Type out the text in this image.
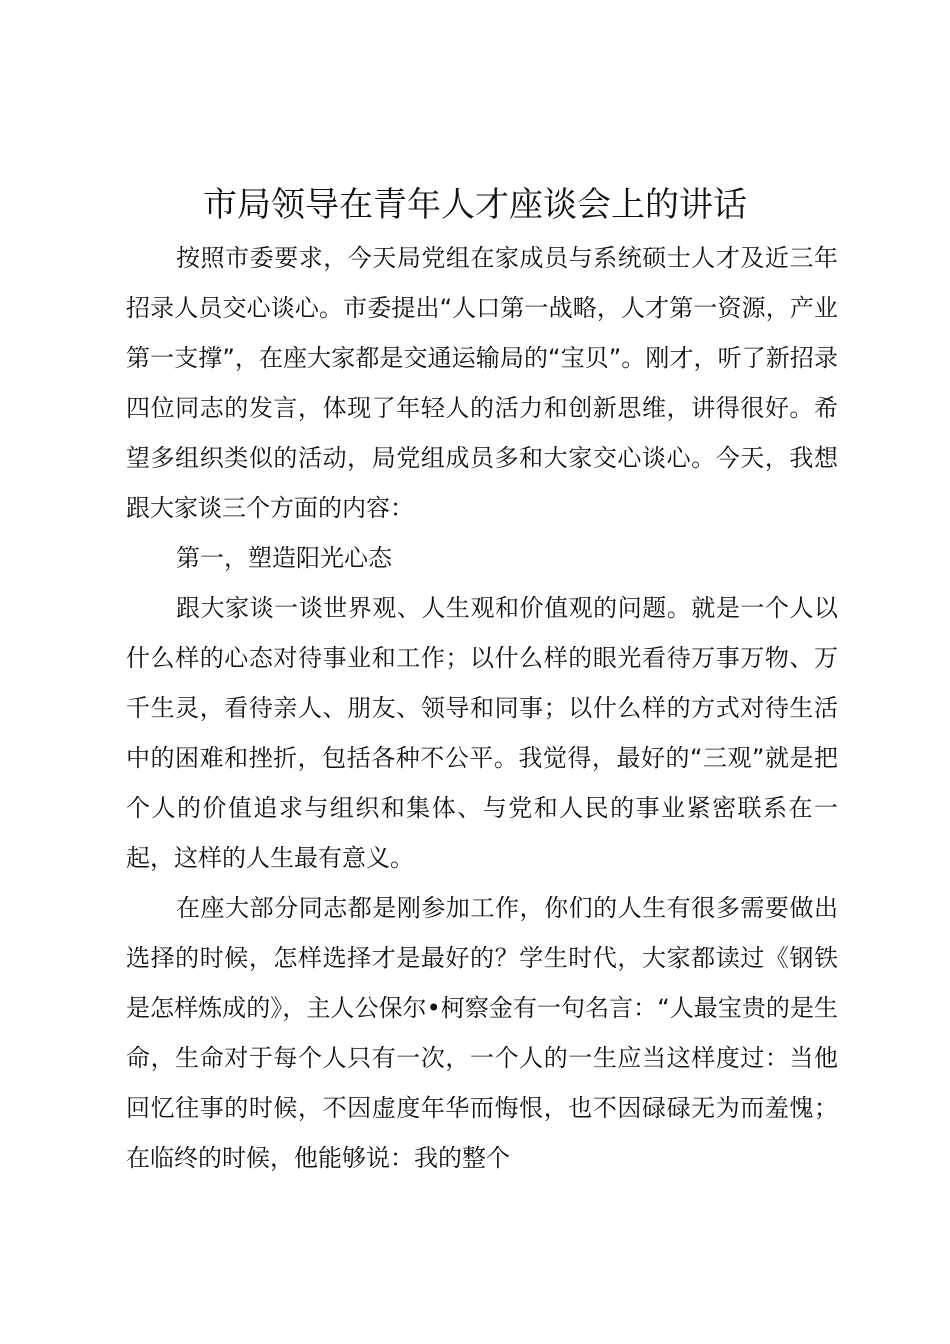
市局领导在青年人才座谈会上的讲话

按照市委要求，今天局党组在家成员与系统硕士人才及近三年招录人员交心谈心。市委提出“人口第一战略，人才第一资源，产业第一支撑”，在座大家都是交通运输局的“宝贝”。刚才，听了新招录四位同志的发言，体现了年轻人的活力和创新思维，讲得很好。希望多组织类似的活动，局党组成员多和大家交心谈心。今天，我想跟大家谈三个方面的内容：

第一，塑造阳光心态

跟大家谈一谈世界观、人生观和价值观的问题。就是一个人以什么样的心态对待事业和工作；以什么样的眼光看待万事万物、万千生灵，看待亲人、朋友、领导和同事；以什么样的方式对待生活中的困难和挫折，包括各种不公平。我觉得，最好的“三观”就是把个人的价值追求与组织和集体、与党和人民的事业紧密联系在一起，这样的人生最有意义。

在座大部分同志都是刚参加工作，你们的人生有很多需要做出选择的时候，怎样选择才是最好的？学生时代，大家都读过《钢铁是怎样炼成的》，主人公保尔•柯察金有一句名言：“人最宝贵的是生命，生命对于每个人只有一次，一个人的一生应当这样度过：当他回忆往事的时候，不因虚度年华而悔恨，也不因碌碌无为而羞愧；在临终的时候，他能够说：我的整个
